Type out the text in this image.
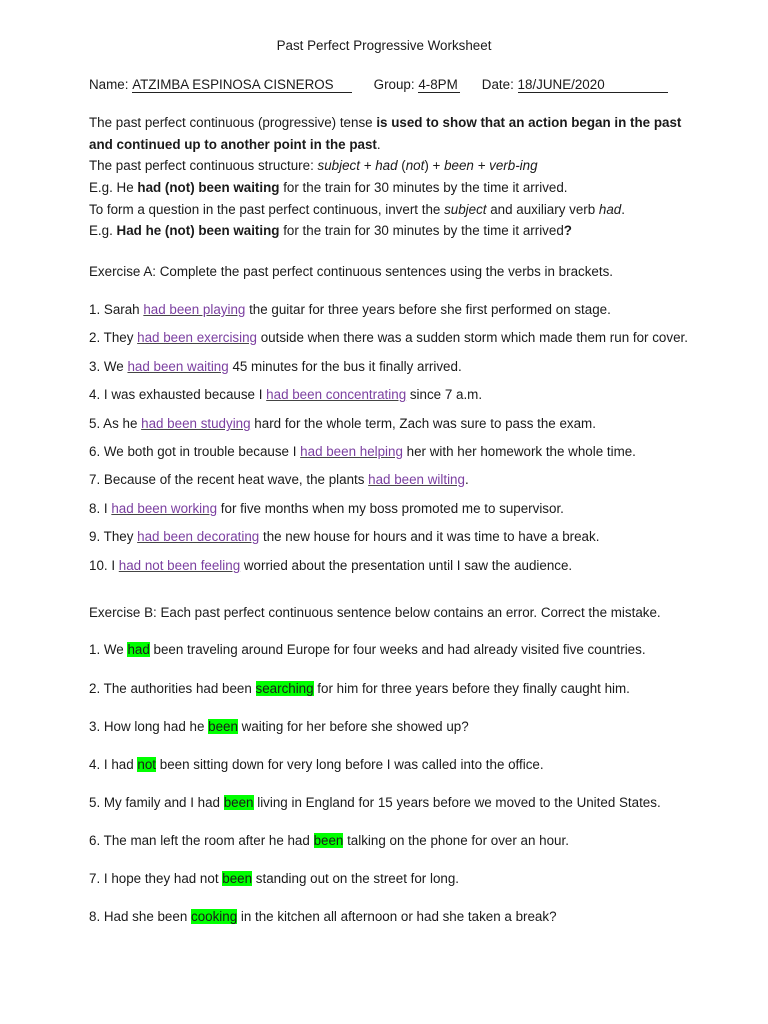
Past Perfect Progressive Worksheet
Name: ATZIMBA ESPINOSA CISNEROS	Group: 4-8PM Date: 18/JUNE/2020
The past perfect continuous (progressive) tense is used to show that an action began in the past
and continued up to another point in the past.
The past perfect continuous structure: subject + had (not) + been + verb-ing
E.g. He had (not) been waiting for the train for 30 minutes by the time it arrived.
To form a question in the past perfect continuous, invert the subject and auxiliary verb had.
E.g. Had he (not) been waiting for the train for 30 minutes by the time it arrived?
Exercise A: Complete the past perfect continuous sentences using the verbs in brackets.
1. Sarah had been playing the guitar for three years before she first performed on stage.
2. They had been exercising outside when there was a sudden storm which made them run for cover.
3. We had been waiting 45 minutes for the bus it finally arrived.
4. I was exhausted because I had been concentrating since 7 a.m.
5. As he had been studying hard for the whole term, Zach was sure to pass the exam.
6. We both got in trouble because I had been helping her with her homework the whole time.
7. Because of the recent heat wave, the plants had been wilting.
8. I had been working for five months when my boss promoted me to supervisor.
9. They had been decorating the new house for hours and it was time to have a break.
10. I had not been feeling worried about the presentation until I saw the audience.
Exercise B: Each past perfect continuous sentence below contains an error. Correct the mistake.
1. We had been traveling around Europe for four weeks and had already visited five countries.
2. The authorities had been searching for him for three years before they finally caught him.
3. How long had he been waiting for her before she showed up?
4. I had not been sitting down for very long before I was called into the office.
5. My family and I had been living in England for 15 years before we moved to the United States.
6. The man left the room after he had been talking on the phone for over an hour.
7. I hope they had not been standing out on the street for long.
8. Had she been cooking in the kitchen all afternoon or had she taken a break?
